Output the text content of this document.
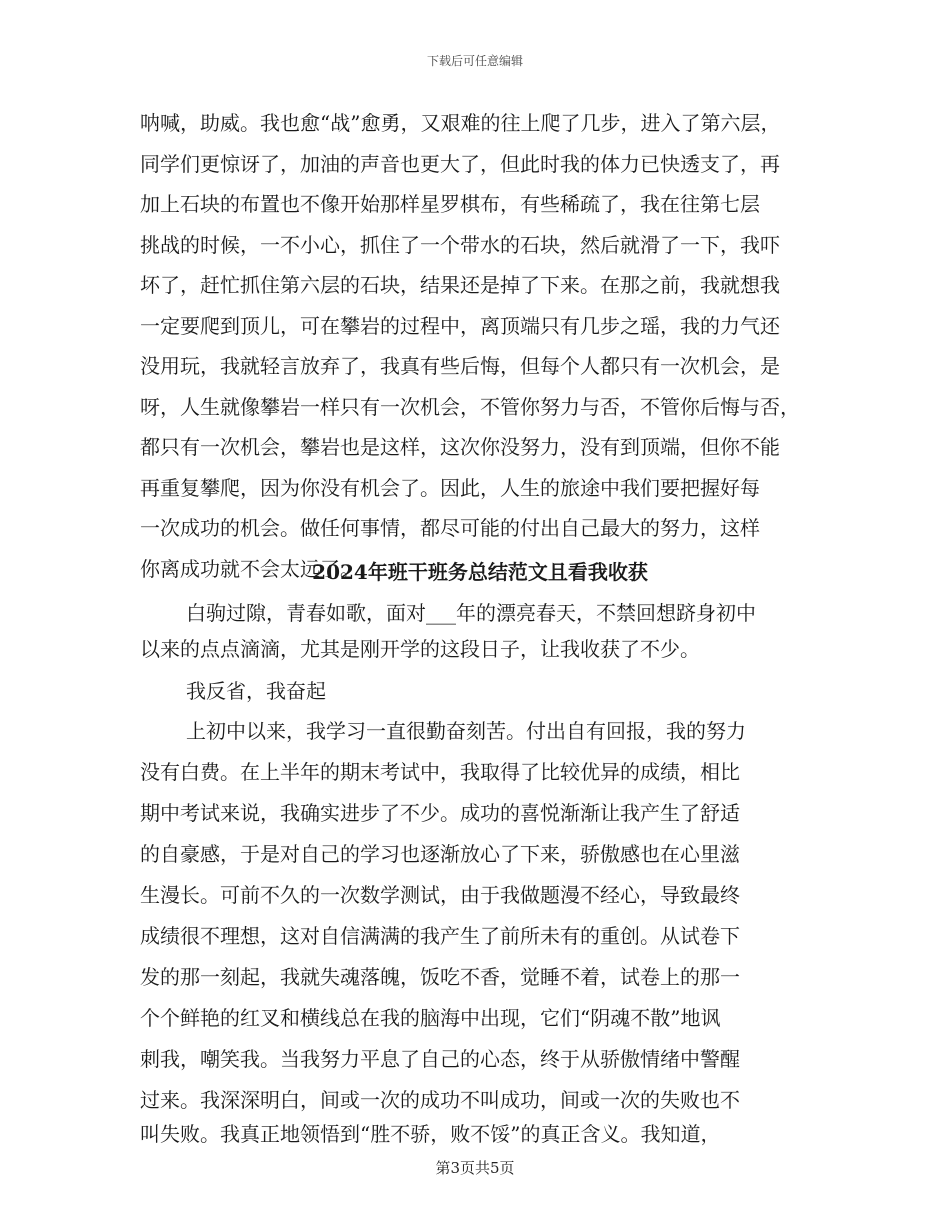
下载后可任意编辑
2024年班干班务总结范文且看我收获
白驹过隙，青春如歌，面对___年的漂亮春天，不禁回想跻身初中
以来的点点滴滴，尤其是刚开学的这段日子，让我收获了不少。
我反省，我奋起
上初中以来，我学习一直很勤奋刻苦。付出自有回报，我的努力
没有白费。在上半年的期末考试中，我取得了比较优异的成绩，相比
期中考试来说，我确实进步了不少。成功的喜悦渐渐让我产生了舒适
的自豪感，于是对自己的学习也逐渐放心了下来，骄傲感也在心里滋
生漫长。可前不久的一次数学测试，由于我做题漫不经心，导致最终
成绩很不理想，这对自信满满的我产生了前所未有的重创。从试卷下
发的那一刻起，我就失魂落魄，饭吃不香，觉睡不着，试卷上的那一
个个鲜艳的红叉和横线总在我的脑海中出现，它们“阴魂不散”地讽
刺我，嘲笑我。当我努力平息了自己的心态，终于从骄傲情绪中警醒
过来。我深深明白，间或一次的成功不叫成功，间或一次的失败也不
第3页共5页
呐喊，助威。我也愈“战”愈勇，又艰难的往上爬了几步，进入了第六层，
同学们更惊讶了，加油的声音也更大了，但此时我的体力已快透支了，再
加上石块的布置也不像开始那样星罗棋布，有些稀疏了，我在往第七层
挑战的时候，一不小心，抓住了一个带水的石块，然后就滑了一下，我吓
坏了，赶忙抓住第六层的石块，结果还是掉了下来。在那之前，我就想我
一定要爬到顶儿，可在攀岩的过程中，离顶端只有几步之瑶，我的力气还
没用玩，我就轻言放弃了，我真有些后悔，但每个人都只有一次机会，是
呀，人生就像攀岩一样只有一次机会，不管你努力与否，不管你后悔与否，
都只有一次机会，攀岩也是这样，这次你没努力，没有到顶端，但你不能
再重复攀爬，因为你没有机会了。因此，人生的旅途中我们要把握好每
一次成功的机会。做任何事情，都尽可能的付出自己最大的努力，这样
你离成功就不会太远了。
叫失败。我真正地领悟到“胜不骄，败不馁”的真正含义。我知道，
